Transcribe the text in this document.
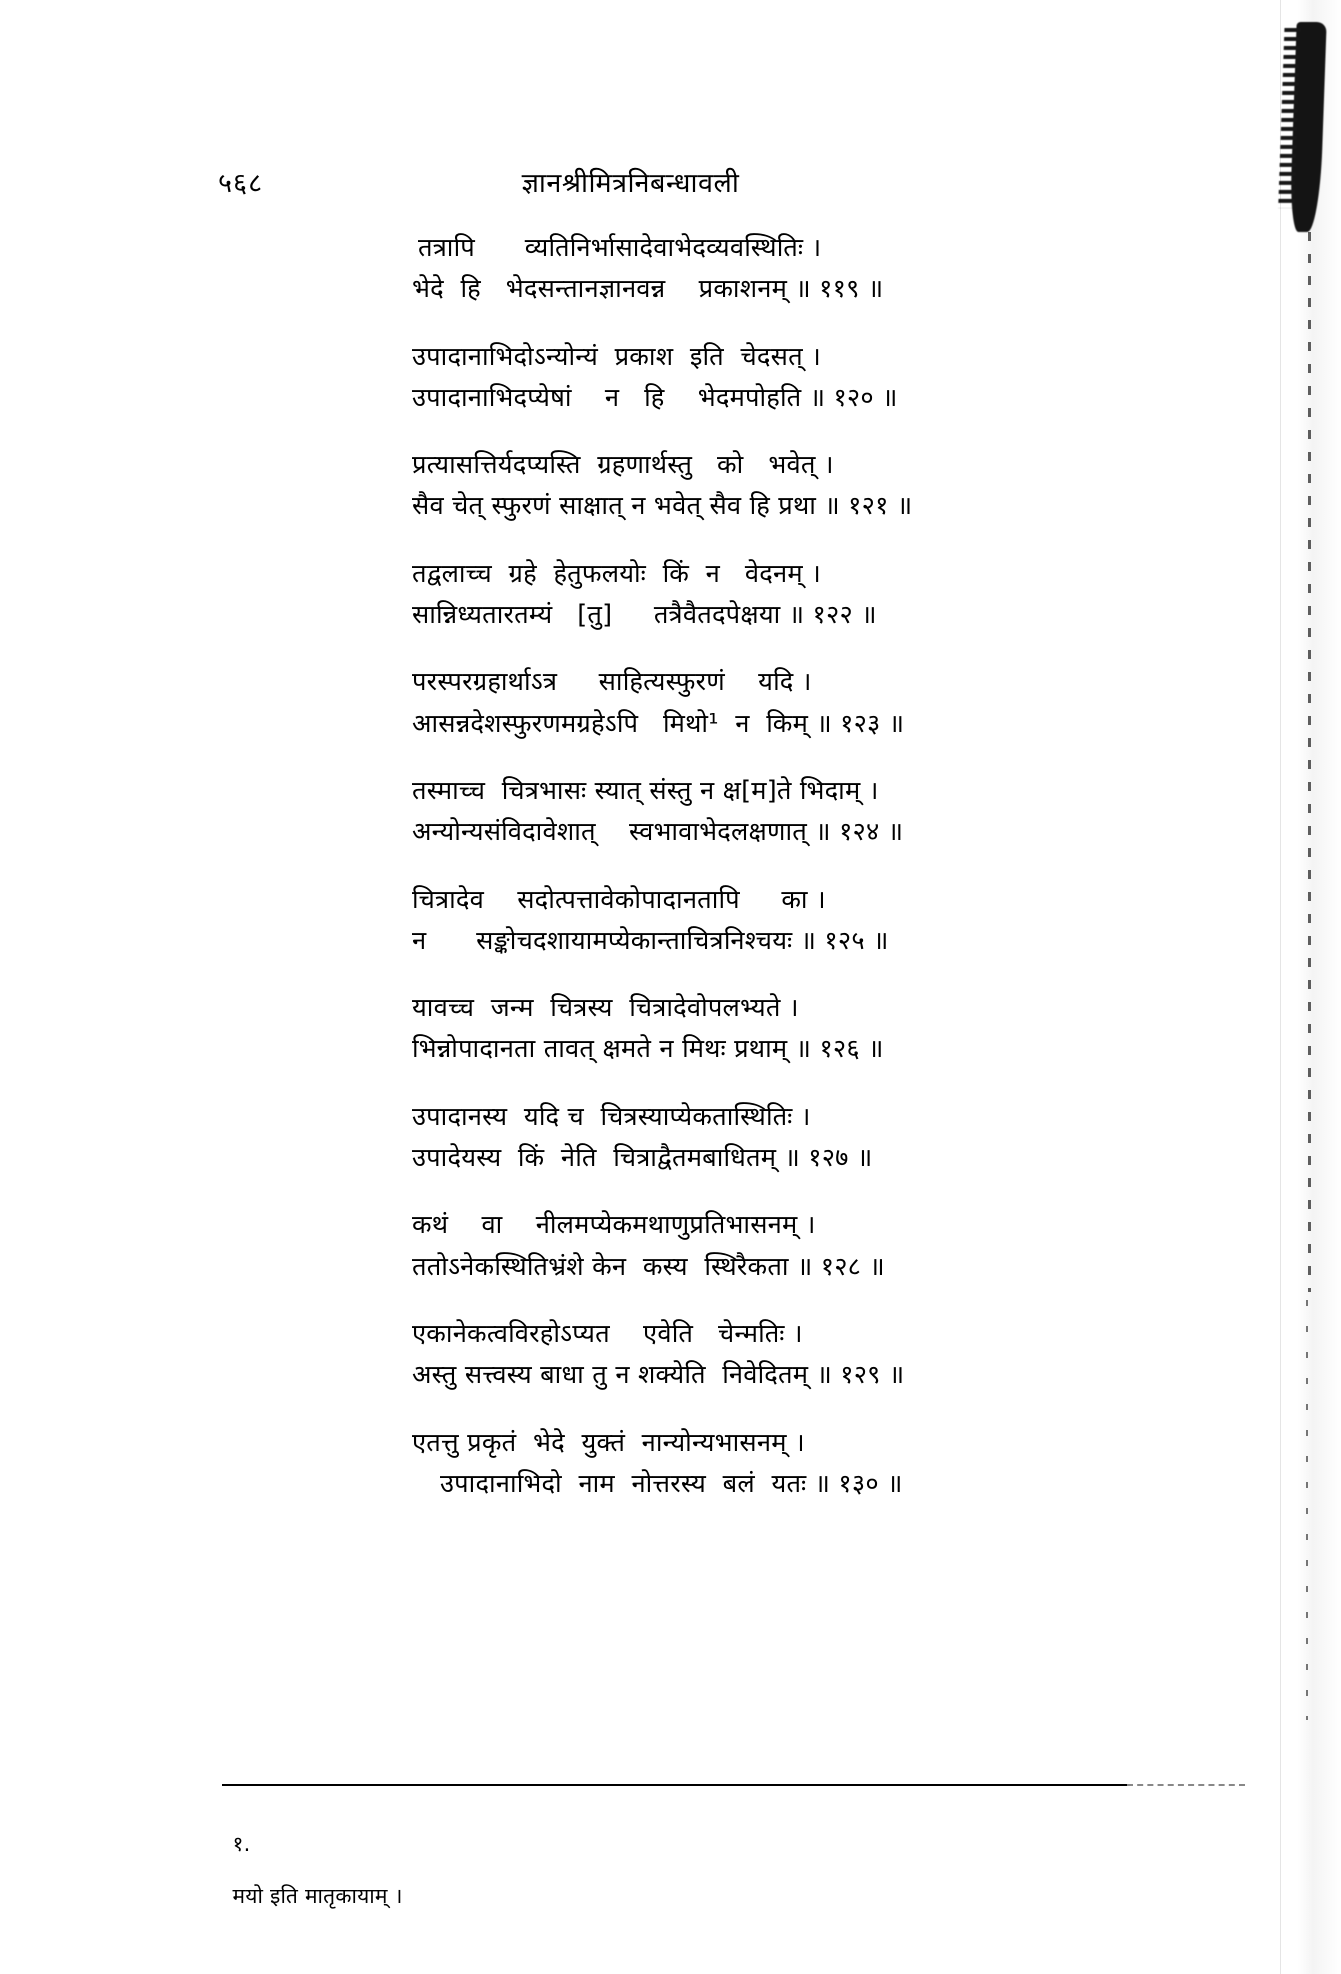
५६८	ज्ञानश्रीमित्रनिबन्धावली
तत्रापि      व्यतिनिर्भासादेवाभेदव्यवस्थितिः ।
भेदे  हि   भेदसन्तानज्ञानवन्न    प्रकाशनम् ॥ ११९ ॥
उपादानाभिदोऽन्योन्यं  प्रकाश  इति  चेदसत् ।
उपादानाभिदप्येषां    न   हि    भेदमपोहति ॥ १२० ॥
प्रत्यासत्तिर्यदप्यस्ति  ग्रहणार्थस्तु   को   भवेत् ।
सैव चेत् स्फुरणं साक्षात् न भवेत् सैव हि प्रथा ॥ १२१ ॥
तद्वलाच्च  ग्रहे  हेतुफलयोः  किं  न   वेदनम् ।
सान्निध्यतारतम्यं   [तु]     तत्रैवैतदपेक्षया ॥ १२२ ॥
परस्परग्रहार्थाऽत्र     साहित्यस्फुरणं    यदि ।
आसन्नदेशस्फुरणमग्रहेऽपि   मिथो¹  न  किम् ॥ १२३ ॥
तस्माच्च  चित्रभासः स्यात् संस्तु न क्ष[म]ते भिदाम् ।
अन्योन्यसंविदावेशात्    स्वभावाभेदलक्षणात् ॥ १२४ ॥
चित्रादेव    सदोत्पत्तावेकोपादानतापि     का ।
न      सङ्कोचदशायामप्येकान्ताचित्रनिश्चयः ॥ १२५ ॥
यावच्च  जन्म  चित्रस्य  चित्रादेवोपलभ्यते ।
भिन्नोपादानता तावत् क्षमते न मिथः प्रथाम् ॥ १२६ ॥
उपादानस्य  यदि च  चित्रस्याप्येकतास्थितिः ।
उपादेयस्य  किं  नेति  चित्राद्वैतमबाधितम् ॥ १२७ ॥
कथं    वा    नीलमप्येकमथाणुप्रतिभासनम् ।
ततोऽनेकस्थितिभ्रंशे केन  कस्य  स्थिरैकता ॥ १२८ ॥
एकानेकत्वविरहोऽप्यत    एवेति   चेन्मतिः ।
अस्तु सत्त्वस्य बाधा तु न शक्येति  निवेदितम् ॥ १२९ ॥
एतत्तु प्रकृतं  भेदे  युक्तं  नान्योन्यभासनम् ।
उपादानाभिदो  नाम  नोत्तरस्य  बलं  यतः ॥ १३० ॥

१.

मयो इति मातृकायाम् ।
